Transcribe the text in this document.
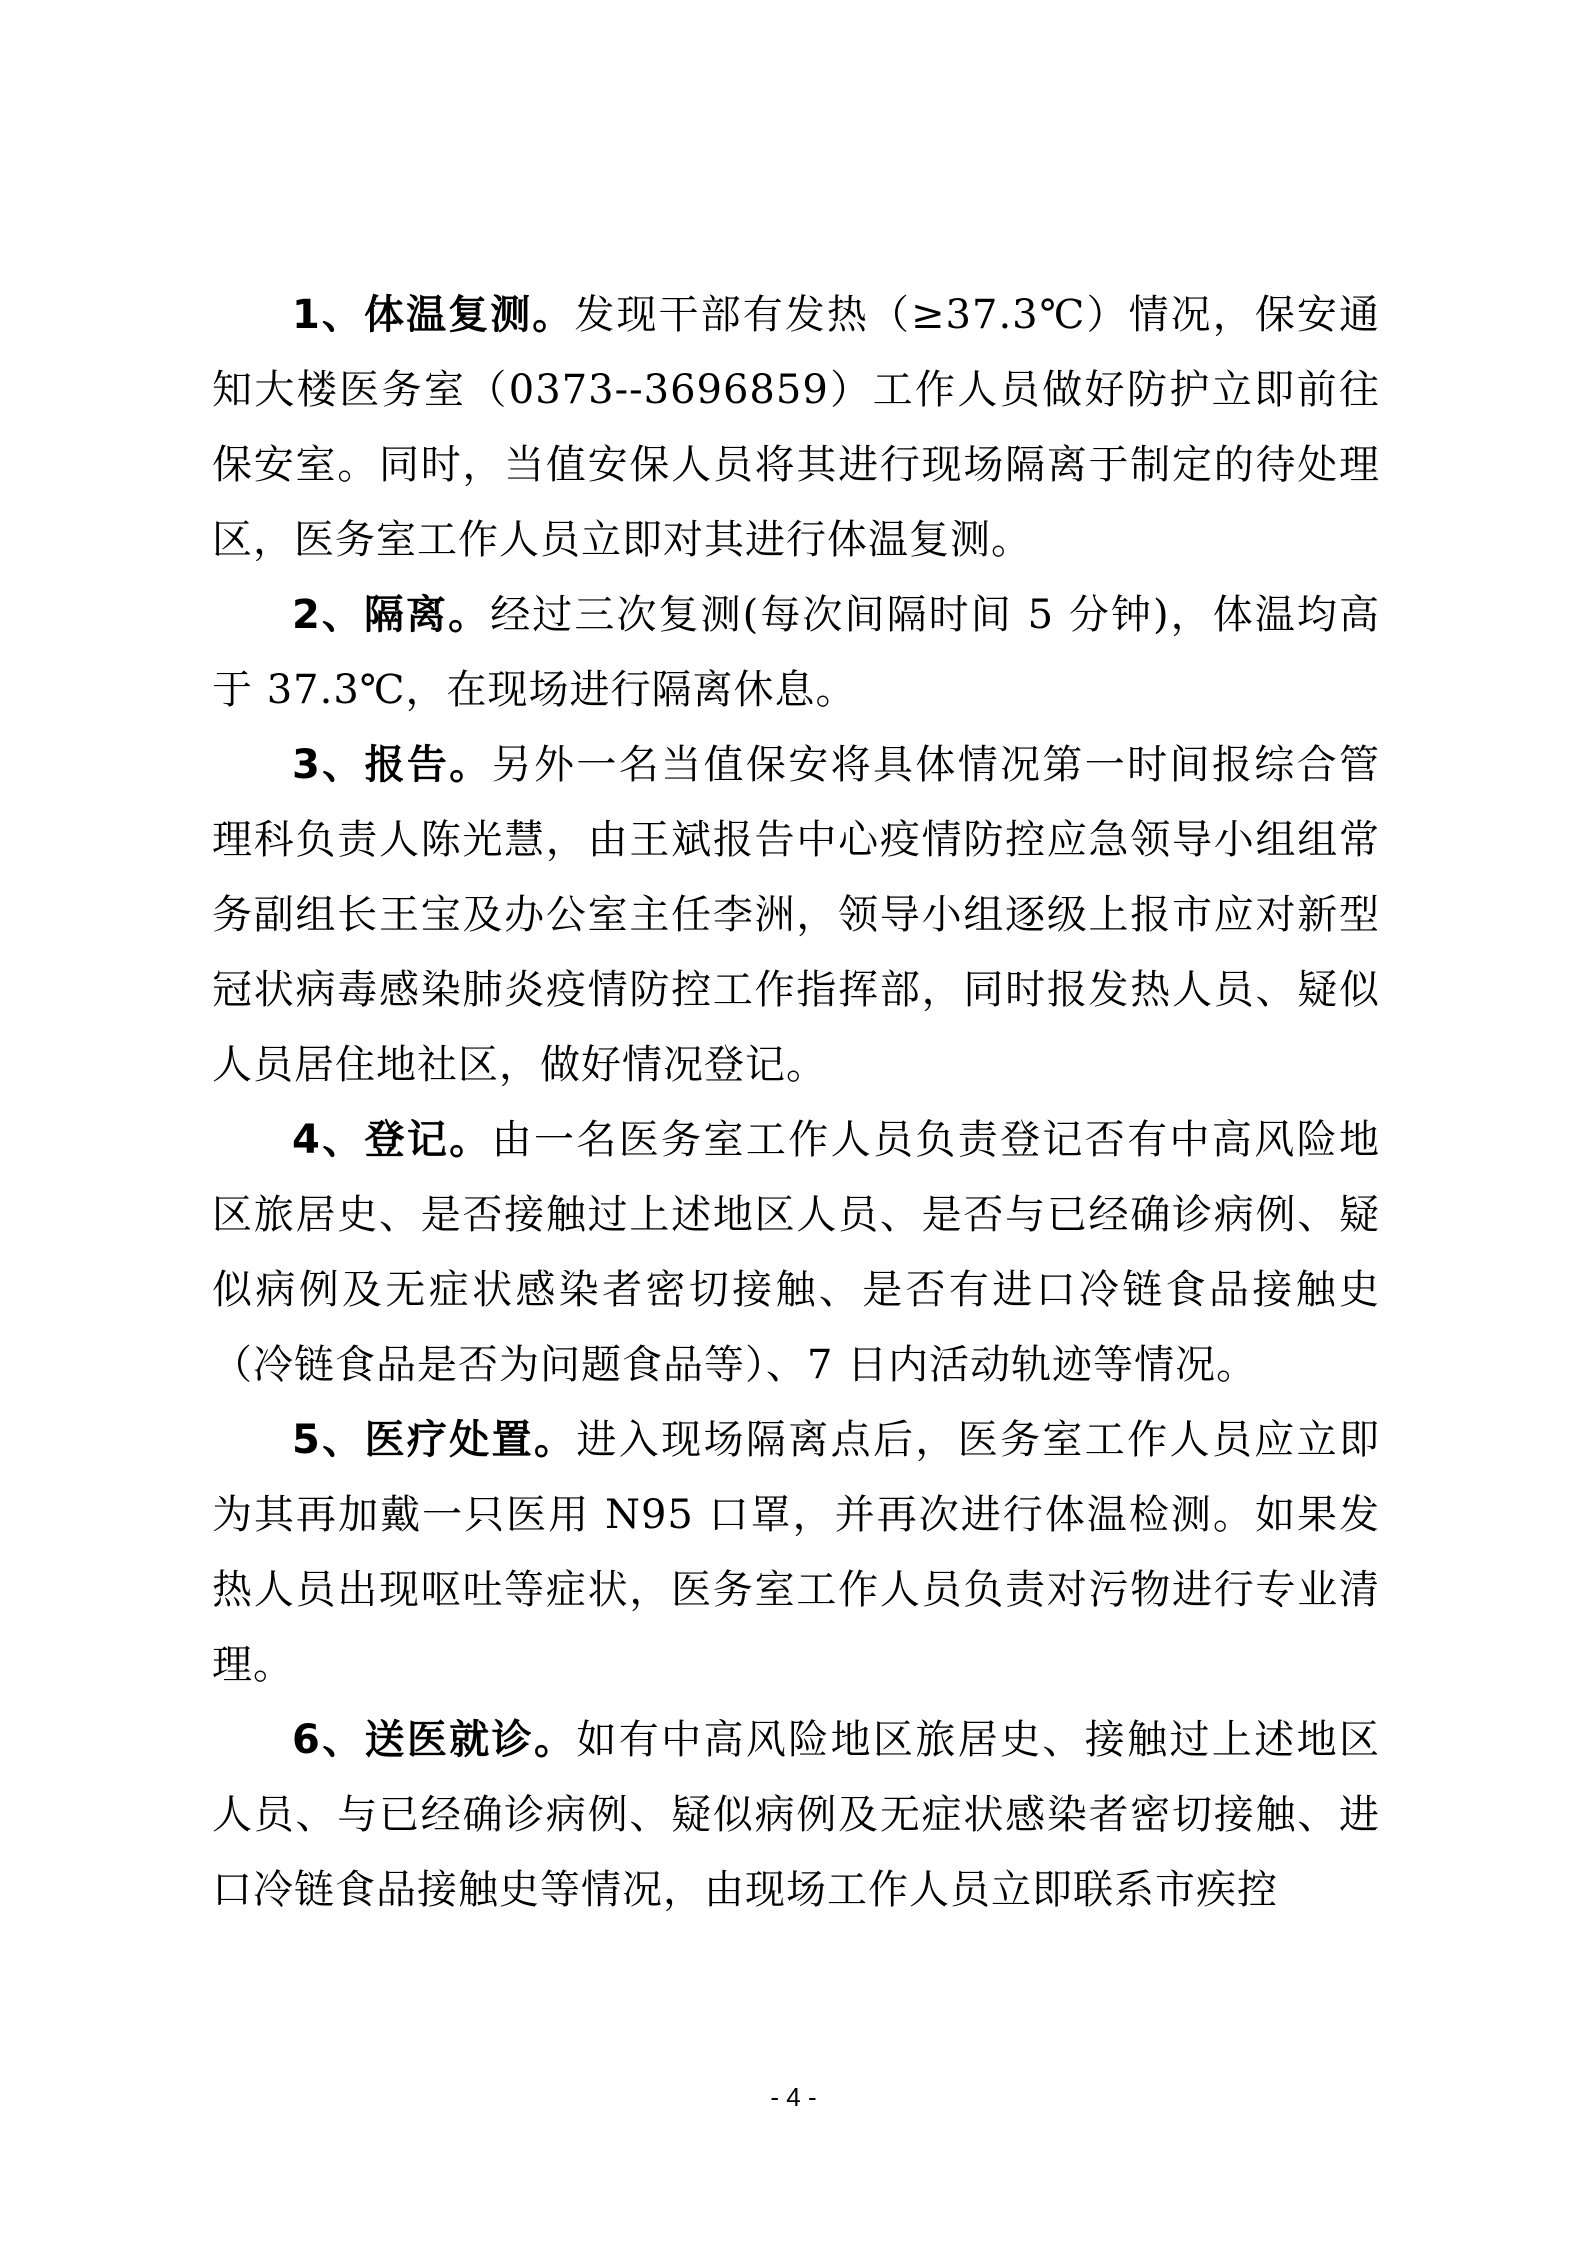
1、体温复测。发现干部有发热（≥37.3℃）情况，保安通知大楼医务室（0373--3696859）工作人员做好防护立即前往保安室。同时，当值安保人员将其进行现场隔离于制定的待处理区，医务室工作人员立即对其进行体温复测。

2、隔离。经过三次复测(每次间隔时间 5 分钟)，体温均高于 37.3℃，在现场进行隔离休息。

3、报告。另外一名当值保安将具体情况第一时间报综合管理科负责人陈光慧，由王斌报告中心疫情防控应急领导小组组常务副组长王宝及办公室主任李洲，领导小组逐级上报市应对新型冠状病毒感染肺炎疫情防控工作指挥部，同时报发热人员、疑似人员居住地社区，做好情况登记。

4、登记。由一名医务室工作人员负责登记否有中高风险地区旅居史、是否接触过上述地区人员、是否与已经确诊病例、疑似病例及无症状感染者密切接触、是否有进口冷链食品接触史（冷链食品是否为问题食品等）、7 日内活动轨迹等情况。

5、医疗处置。进入现场隔离点后，医务室工作人员应立即为其再加戴一只医用 N95 口罩，并再次进行体温检测。如果发热人员出现呕吐等症状，医务室工作人员负责对污物进行专业清理。

6、送医就诊。如有中高风险地区旅居史、接触过上述地区人员、与已经确诊病例、疑似病例及无症状感染者密切接触、进口冷链食品接触史等情况，由现场工作人员立即联系市疾控

- 4 -
